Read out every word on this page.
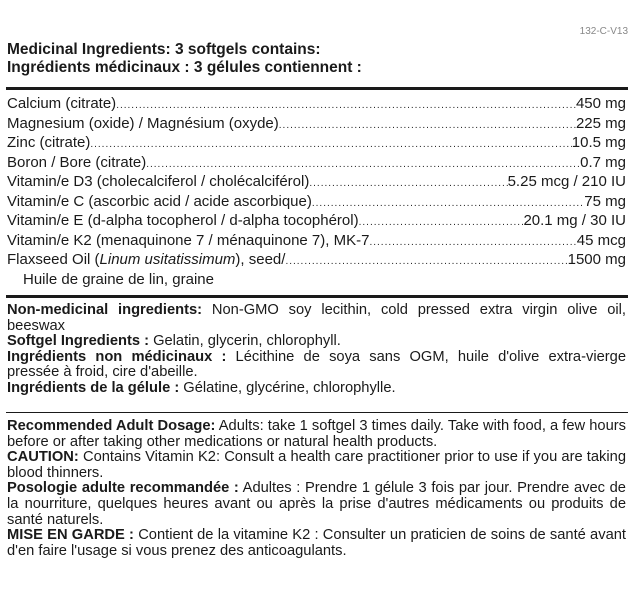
132-C-V13
Medicinal Ingredients: 3 softgels contains:
Ingrédients médicinaux : 3 gélules contiennent :
Calcium (citrate) .....	450 mg
Magnesium (oxide) / Magnésium (oxyde) .....	225 mg
Zinc (citrate) .....	10.5 mg
Boron / Bore (citrate) .....	0.7 mg
Vitamin/e D3 (cholecalciferol / cholécalciférol) .....	5.25 mcg / 210 IU
Vitamin/e C (ascorbic acid / acide ascorbique) .....	75 mg
Vitamin/e E (d-alpha tocopherol / d-alpha tocophérol) .....	20.1 mg / 30 IU
Vitamin/e K2 (menaquinone 7 / ménaquinone 7), MK-7 .....	45 mcg
Flaxseed Oil (Linum usitatissimum), seed/ .....	1500 mg
Huile de graine de lin, graine

Non-medicinal ingredients: Non-GMO soy lecithin, cold pressed extra virgin olive oil, beeswax

Softgel Ingredients : Gelatin, glycerin, chlorophyll.

Ingrédients non médicinaux : Lécithine de soya sans OGM, huile d'olive extra-vierge pressée à froid, cire d'abeille.

Ingrédients de la gélule : Gélatine, glycérine, chlorophylle.

Recommended Adult Dosage: Adults: take 1 softgel 3 times daily. Take with food, a few hours before or after taking other medications or natural health products.

CAUTION: Contains Vitamin K2: Consult a health care practitioner prior to use if you are taking blood thinners.

Posologie adulte recommandée : Adultes : Prendre 1 gélule 3 fois par jour. Prendre avec de la nourriture, quelques heures avant ou après la prise d'autres médicaments ou produits de santé naturels.

MISE EN GARDE : Contient de la vitamine K2 : Consulter un praticien de soins de santé avant d'en faire l'usage si vous prenez des anticoagulants.
